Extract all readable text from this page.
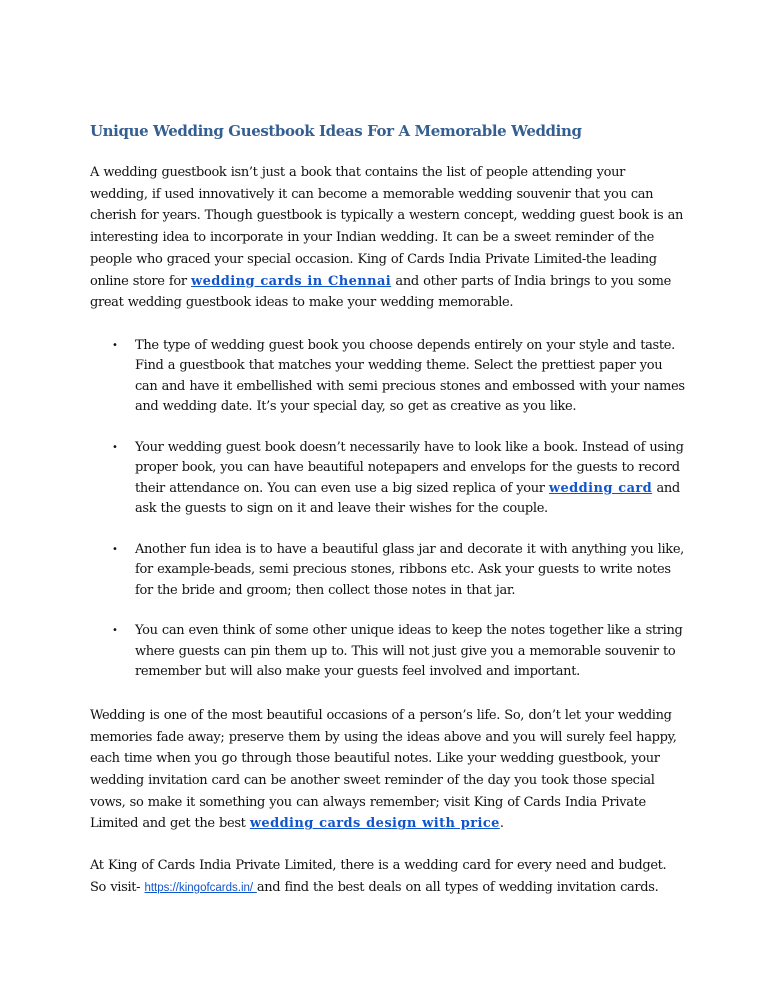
Unique Wedding Guestbook Ideas For A Memorable Wedding

A wedding guestbook isn’t just a book that contains the list of people attending your wedding, if used innovatively it can become a memorable wedding souvenir that you can cherish for years. Though guestbook is typically a western concept, wedding guest book is an interesting idea to incorporate in your Indian wedding. It can be a sweet reminder of the people who graced your special occasion. King of Cards India Private Limited-the leading online store for wedding cards in Chennai and other parts of India brings to you some great wedding guestbook ideas to make your wedding memorable.

• The type of wedding guest book you choose depends entirely on your style and taste. Find a guestbook that matches your wedding theme. Select the prettiest paper you can and have it embellished with semi precious stones and embossed with your names and wedding date. It’s your special day, so get as creative as you like.
• Your wedding guest book doesn’t necessarily have to look like a book. Instead of using proper book, you can have beautiful notepapers and envelops for the guests to record their attendance on. You can even use a big sized replica of your wedding card and ask the guests to sign on it and leave their wishes for the couple.
• Another fun idea is to have a beautiful glass jar and decorate it with anything you like, for example-beads, semi precious stones, ribbons etc. Ask your guests to write notes for the bride and groom; then collect those notes in that jar.
• You can even think of some other unique ideas to keep the notes together like a string where guests can pin them up to. This will not just give you a memorable souvenir to remember but will also make your guests feel involved and important.

Wedding is one of the most beautiful occasions of a person’s life. So, don’t let your wedding memories fade away; preserve them by using the ideas above and you will surely feel happy, each time when you go through those beautiful notes. Like your wedding guestbook, your wedding invitation card can be another sweet reminder of the day you took those special vows, so make it something you can always remember; visit King of Cards India Private Limited and get the best wedding cards design with price.

At King of Cards India Private Limited, there is a wedding card for every need and budget. So visit- https://kingofcards.in/ and find the best deals on all types of wedding invitation cards.
